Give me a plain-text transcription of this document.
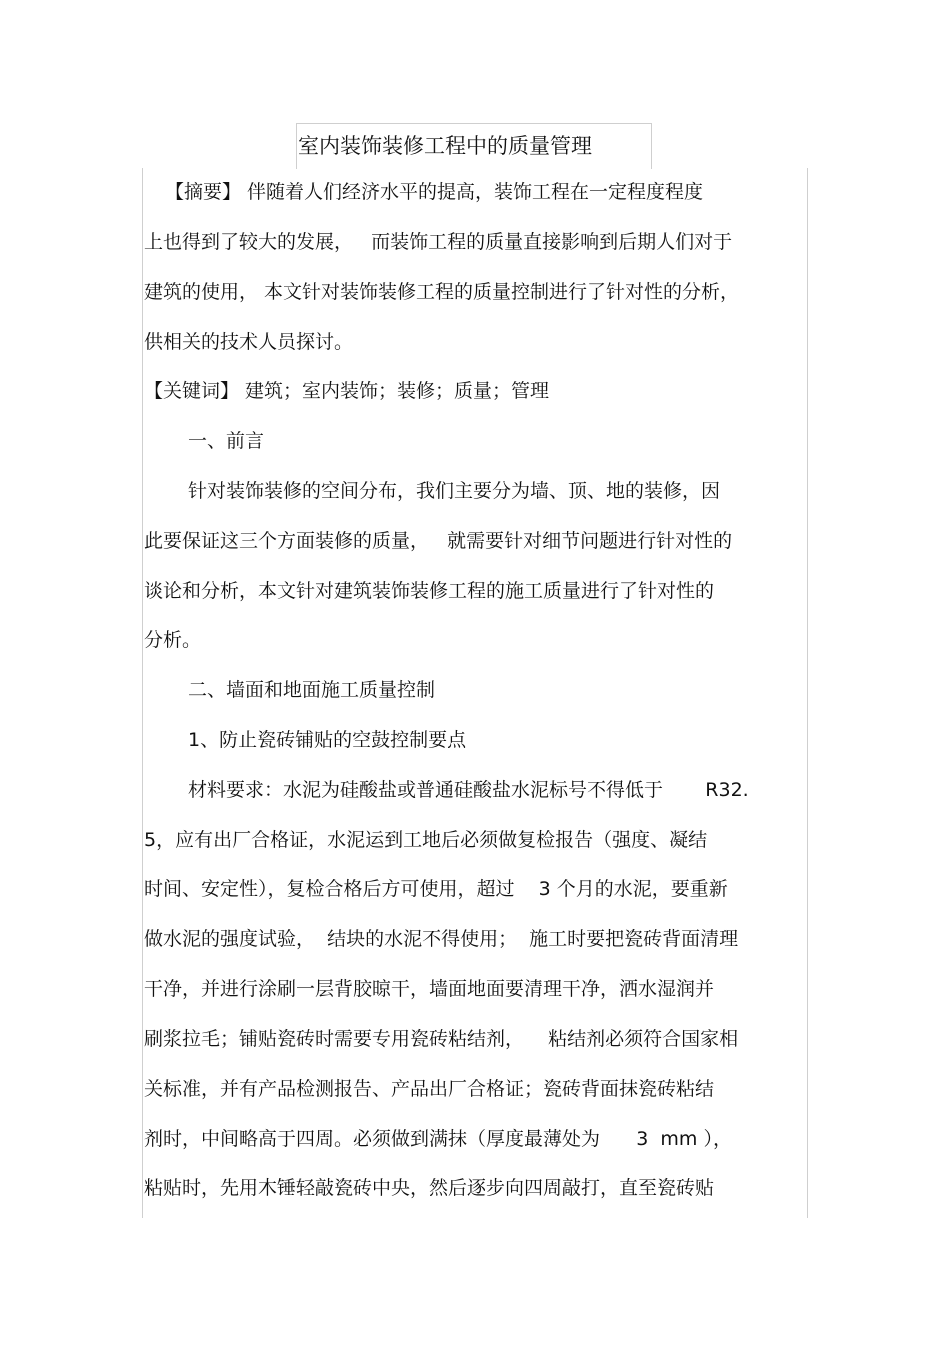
室内装饰装修工程中的质量管理
【摘要】 伴随着人们经济水平的提高，装饰工程在一定程度程度
上也得到了较大的发展，   而装饰工程的质量直接影响到后期人们对于
建筑的使用， 本文针对装饰装修工程的质量控制进行了针对性的分析，
供相关的技术人员探讨。
【关键词】 建筑；室内装饰；装修；质量；管理
一、前言
针对装饰装修的空间分布，我们主要分为墙、顶、地的装修，因
此要保证这三个方面装修的质量，   就需要针对细节问题进行针对性的
谈论和分析，本文针对建筑装饰装修工程的施工质量进行了针对性的
分析。
二、墙面和地面施工质量控制
1、防止瓷砖铺贴的空鼓控制要点
材料要求：水泥为硅酸盐或普通硅酸盐水泥标号不得低于       R32.
5，应有出厂合格证，水泥运到工地后必须做复检报告（强度、凝结
时间、安定性），复检合格后方可使用，超过    3 个月的水泥，要重新
做水泥的强度试验，  结块的水泥不得使用；  施工时要把瓷砖背面清理
干净，并进行涂刷一层背胶晾干，墙面地面要清理干净，洒水湿润并
刷浆拉毛；铺贴瓷砖时需要专用瓷砖粘结剂，    粘结剂必须符合国家相
关标准，并有产品检测报告、产品出厂合格证；瓷砖背面抹瓷砖粘结
剂时，中间略高于四周。必须做到满抹（厚度最薄处为      3  mm ），
粘贴时，先用木锤轻敲瓷砖中央，然后逐步向四周敲打，直至瓷砖贴
